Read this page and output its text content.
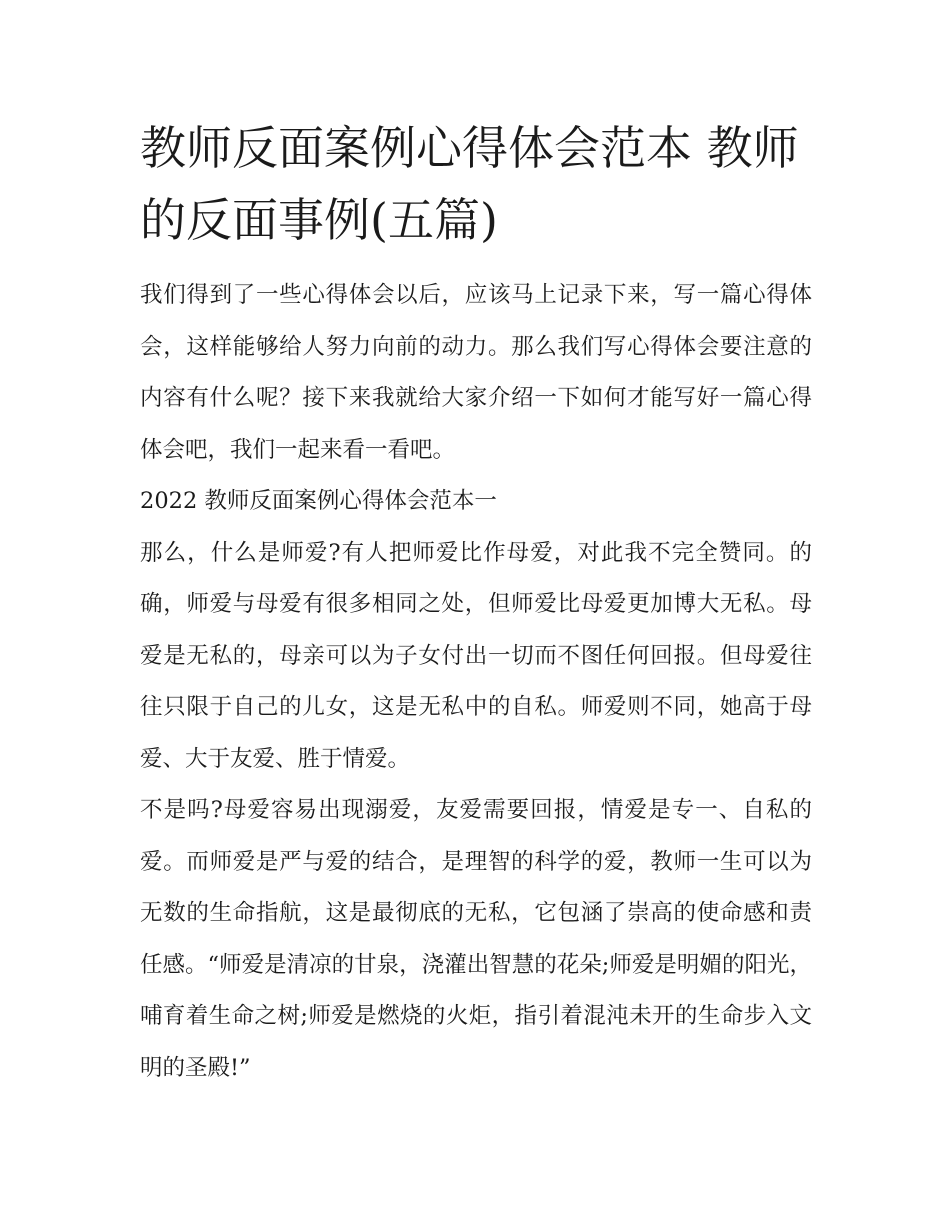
教师反面案例心得体会范本 教师的反面事例(五篇)

我们得到了一些心得体会以后，应该马上记录下来，写一篇心得体会，这样能够给人努力向前的动力。那么我们写心得体会要注意的内容有什么呢？接下来我就给大家介绍一下如何才能写好一篇心得体会吧，我们一起来看一看吧。

2022 教师反面案例心得体会范本一

那么，什么是师爱?有人把师爱比作母爱，对此我不完全赞同。的确，师爱与母爱有很多相同之处，但师爱比母爱更加博大无私。母爱是无私的，母亲可以为子女付出一切而不图任何回报。但母爱往往只限于自己的儿女，这是无私中的自私。师爱则不同，她高于母爱、大于友爱、胜于情爱。

不是吗?母爱容易出现溺爱，友爱需要回报，情爱是专一、自私的爱。而师爱是严与爱的结合，是理智的科学的爱，教师一生可以为无数的生命指航，这是最彻底的无私，它包涵了崇高的使命感和责任感。“师爱是清凉的甘泉，浇灌出智慧的花朵;师爱是明媚的阳光，哺育着生命之树;师爱是燃烧的火炬，指引着混沌未开的生命步入文明的圣殿!”
